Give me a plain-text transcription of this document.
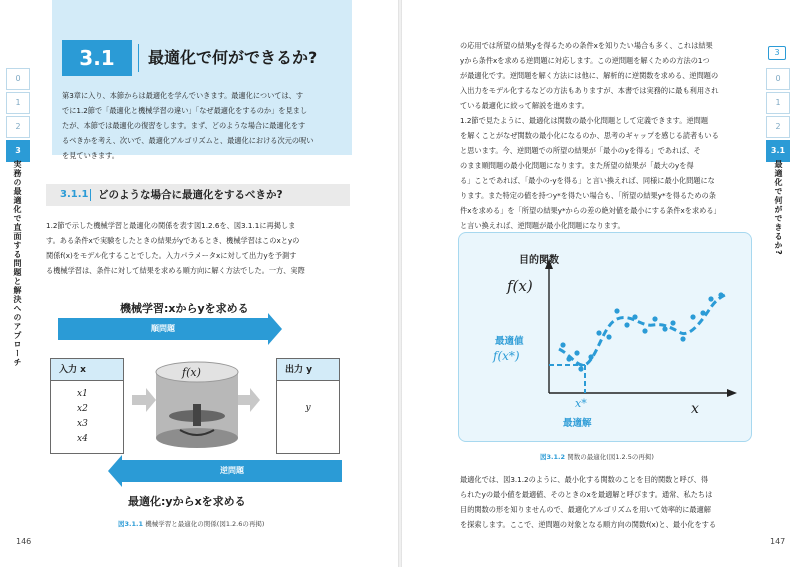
0
1
2
3
実務の最適化で直面する問題と解決へのアプローチ
3.1	最適化で何ができるか?
第3章に入り、本節からは最適化を学んでいきます。最適化については、す
でに1.2節で「最適化と機械学習の違い」「なぜ最適化をするのか」を見まし
たが、本節では最適化の復習をします。まず、どのような場合に最適化をす
るべきかを考え、次いで、最適化アルゴリズムと、最適化における次元の呪い
を見ていきます。
3.1.1 どのような場合に最適化をするべきか?
1.2節で示した機械学習と最適化の関係を表す図1.2.6を、図3.1.1に再掲しま
す。ある条件xで実験をしたときの結果がyであるとき、機械学習はこのxとyの
関係f(x)をモデル化することでした。入力パラメータxに対して出力yを予測す
る機械学習は、条件に対して結果を求める順方向に解く方法でした。一方、実際
機械学習:xからyを求める
順問題
入力 x
x1
x2
x3
x4
f(x)	出力 y
y
逆問題
最適化:yからxを求める
図3.1.1 機械学習と最適化の関係(図1.2.6の再掲)
146
3
0
1
2
3.1
最適化で何ができるか?
の応用では所望の結果yを得るための条件xを知りたい場合も多く、これは結果
yから条件xを求める逆問題に対応します。この逆問題を解くための方法の1つ
が最適化です。逆問題を解く方法には他に、解析的に逆関数を求める、逆問題の
入出力をモデル化するなどの方法もありますが、本書では実務的に最も利用され
ている最適化に絞って解説を進めます。
1.2節で見たように、最適化は関数の最小化問題として定義できます。逆問題
を解くことがなぜ関数の最小化になるのか、思考のギャップを感じる読者もいる
と思います。今、逆問題での所望の結果が「最小のyを得る」であれば、そ
のまま順問題の最小化問題になります。また所望の結果が「最大のyを得
る」ことであれば、「最小の-yを得る」と言い換えれば、同様に最小化問題にな
ります。また特定の値を持つy*を得たい場合も、「所望の結果y*を得るための条
件xを求める」を「所望の結果y*からの差の絶対値を最小にする条件xを求める」
と言い換えれば、逆問題が最小化問題になります。
目的関数
f(x)
最適値
f(x*)
x*
最適解
x
図3.1.2 関数の最適化(図1.2.5の再掲)
最適化では、図3.1.2のように、最小化する関数のことを目的関数と呼び、得
られたyの最小値を最適値、そのときのxを最適解と呼びます。通常、私たちは
目的関数の形を知りませんので、最適化アルゴリズムを用いて効率的に最適解
を探索します。ここで、逆問題の対象となる順方向の関数f(x)と、最小化をする
147
